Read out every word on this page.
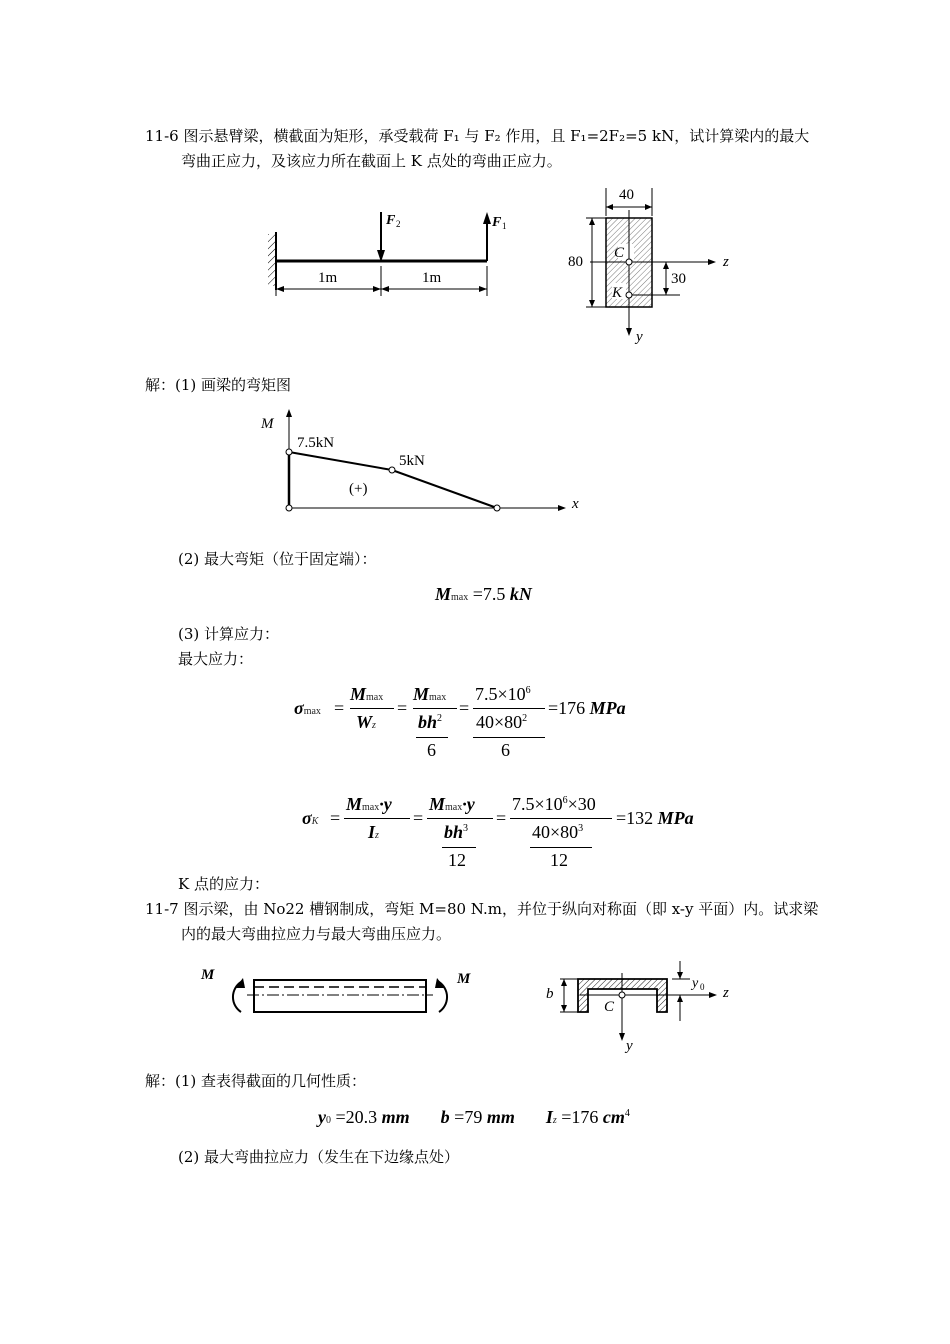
11-6 图示悬臂梁，横截面为矩形，承受载荷 F₁ 与 F₂ 作用，且 F₁=2F₂=5 kN，试计算梁内的最大
弯曲正应力，及该应力所在截面上 K 点处的弯曲正应力。
1m	1m
F 2	F 1
40
80	z
y
C
K
30
解：(1) 画梁的弯矩图
M
x
7.5kN
5kN
(+)
(2) 最大弯矩（位于固定端）：
Mmax =7.5 kN
(3) 计算应力：
最大应力：
σmax =
Mmax
Wz
=
Mmax
$bh^2$
6
=
$7.5\times 10^6$
$40\times 80^2$
6
=176 MPa
σK =
Mmax·y
Iz
=
Mmax·y
$bh^3$
12
=
$7.5\times 10^6\times 30$
$40\times 80^3$
12
=132 MPa
K 点的应力：
11-7 图示梁，由 No22 槽钢制成，弯矩 M=80 N.m，并位于纵向对称面（即 x-y 平面）内。试求梁
内的最大弯曲拉应力与最大弯曲压应力。
M	M
b	z
y
C
y 0
解：(1) 查表得截面的几何性质：
y0 =20.3 mm b =79 mm Iz =176 $cm^4$
(2) 最大弯曲拉应力（发生在下边缘点处）
